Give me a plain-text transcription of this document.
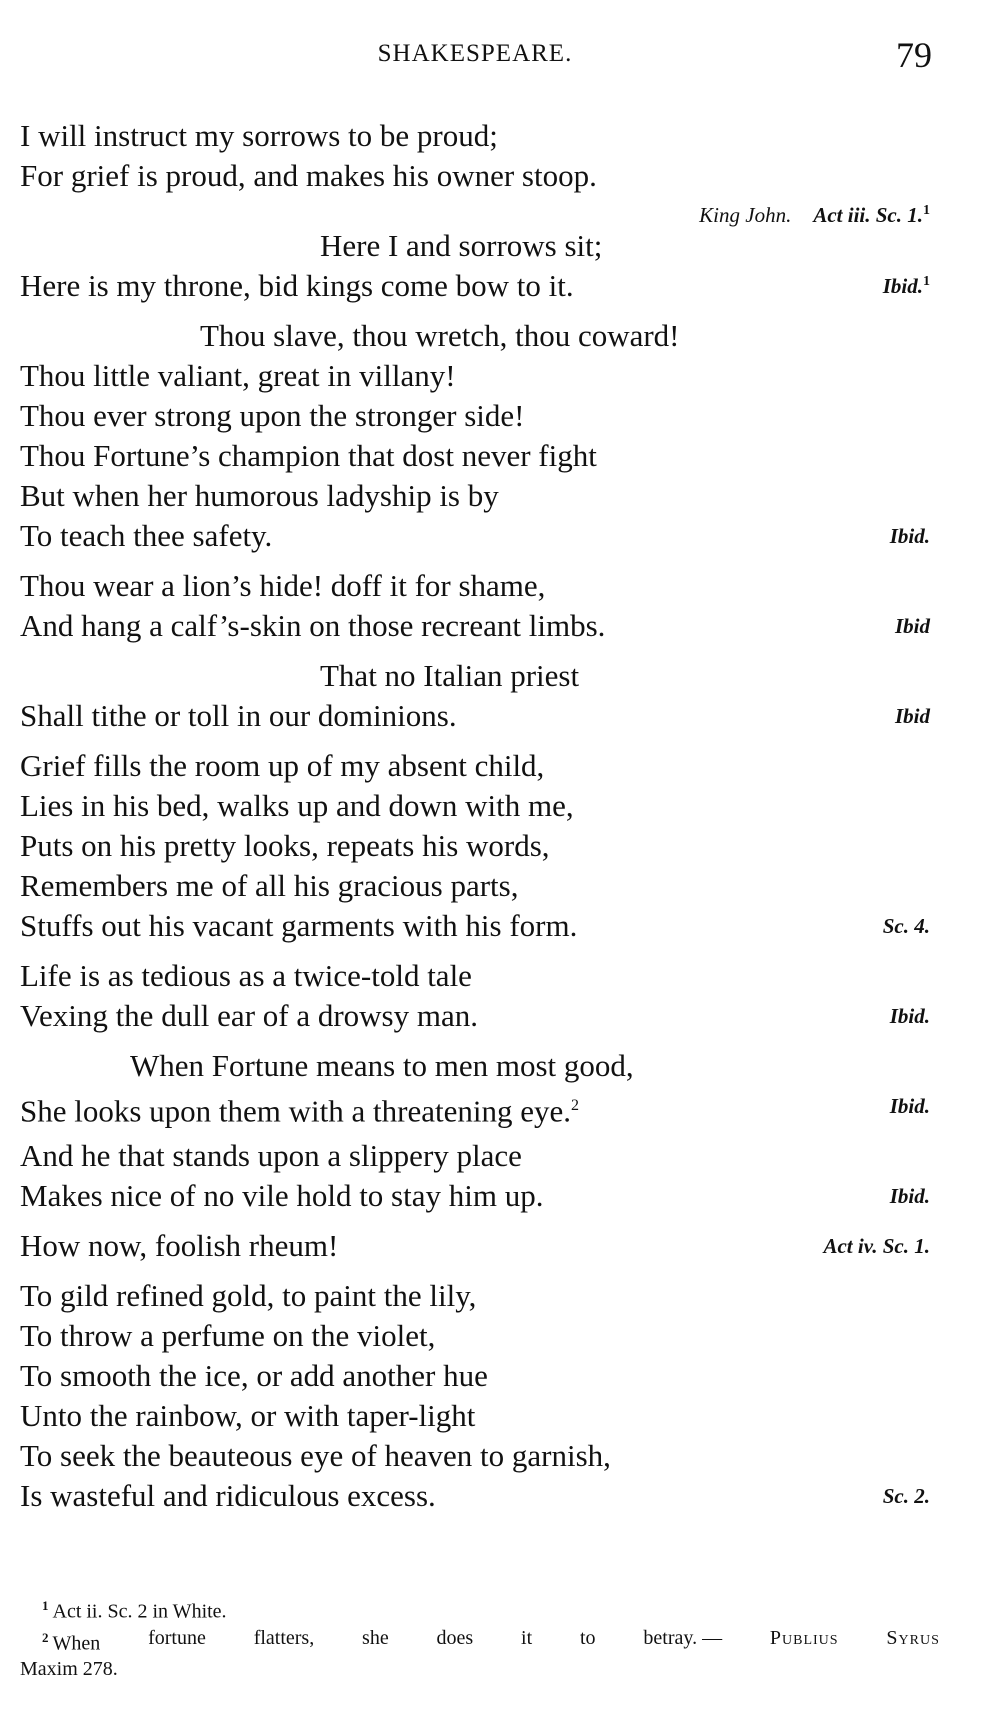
SHAKESPEARE.	79
I will instruct my sorrows to be proud;
For grief is proud, and makes his owner stoop.
King John. Act iii. Sc. 1.$^1$
Here I and sorrows sit;
Here is my throne, bid kings come bow to it.	Ibid.$^1$
Thou slave, thou wretch, thou coward!
Thou little valiant, great in villany!
Thou ever strong upon the stronger side!
Thou Fortune’s champion that dost never fight
But when her humorous ladyship is by
To teach thee safety.	Ibid.
Thou wear a lion’s hide! doff it for shame,
And hang a calf’s-skin on those recreant limbs.	Ibid
That no Italian priest
Shall tithe or toll in our dominions.	Ibid
Grief fills the room up of my absent child,
Lies in his bed, walks up and down with me,
Puts on his pretty looks, repeats his words,
Remembers me of all his gracious parts,
Stuffs out his vacant garments with his form.	Sc. 4.
Life is as tedious as a twice-told tale
Vexing the dull ear of a drowsy man.	Ibid.
When Fortune means to men most good,
She looks upon them with a threatening eye.$^2$	Ibid.
And he that stands upon a slippery place
Makes nice of no vile hold to stay him up.	Ibid.
How now, foolish rheum!	Act iv. Sc. 1.
To gild refined gold, to paint the lily,
To throw a perfume on the violet,
To smooth the ice, or add another hue
Unto the rainbow, or with taper-light
To seek the beauteous eye of heaven to garnish,
Is wasteful and ridiculous excess.	Sc. 2.
$^1$ Act ii. Sc. 2 in White.
$^2$ When fortune flatters, she does it to betray. — Publius Syrus
Maxim 278.
